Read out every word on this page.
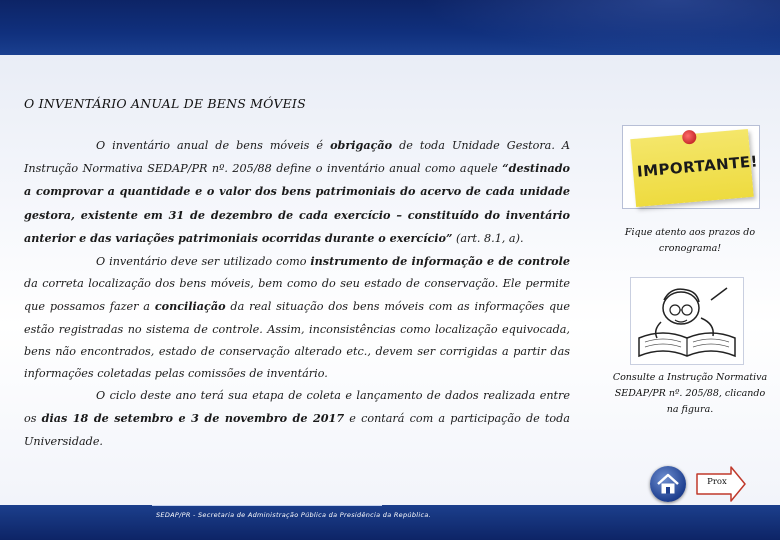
O INVENTÁRIO ANUAL DE BENS MÓVEIS

O inventário anual de bens móveis é obrigação de toda Unidade Gestora. A Instrução Normativa SEDAP/PR nº. 205/88 define o inventário anual como aquele “destinado a comprovar a quantidade e o valor dos bens patrimoniais do acervo de cada unidade gestora, existente em 31 de dezembro de cada exercício – constituído do inventário anterior e das variações patrimoniais ocorridas durante o exercício” (art. 8.1, a).

O inventário deve ser utilizado como instrumento de informação e de controle da correta localização dos bens móveis, bem como do seu estado de conservação. Ele permite que possamos fazer a conciliação da real situação dos bens móveis com as informações que estão registradas no sistema de controle. Assim, inconsistências como localização equivocada, bens não encontrados, estado de conservação alterado etc., devem ser corrigidas a partir das informações coletadas pelas comissões de inventário.

O ciclo deste ano terá sua etapa de coleta e lançamento de dados realizada entre os dias 18 de setembro e 3 de novembro de 2017 e contará com a participação de toda Universidade.

IMPORTANTE!
Fique atento aos prazos do cronograma!
Consulte a Instrução Normativa SEDAP/PR nº. 205/88, clicando na figura.
Prox
SEDAP/PR - Secretaria de Administração Pública da Presidência da República.
